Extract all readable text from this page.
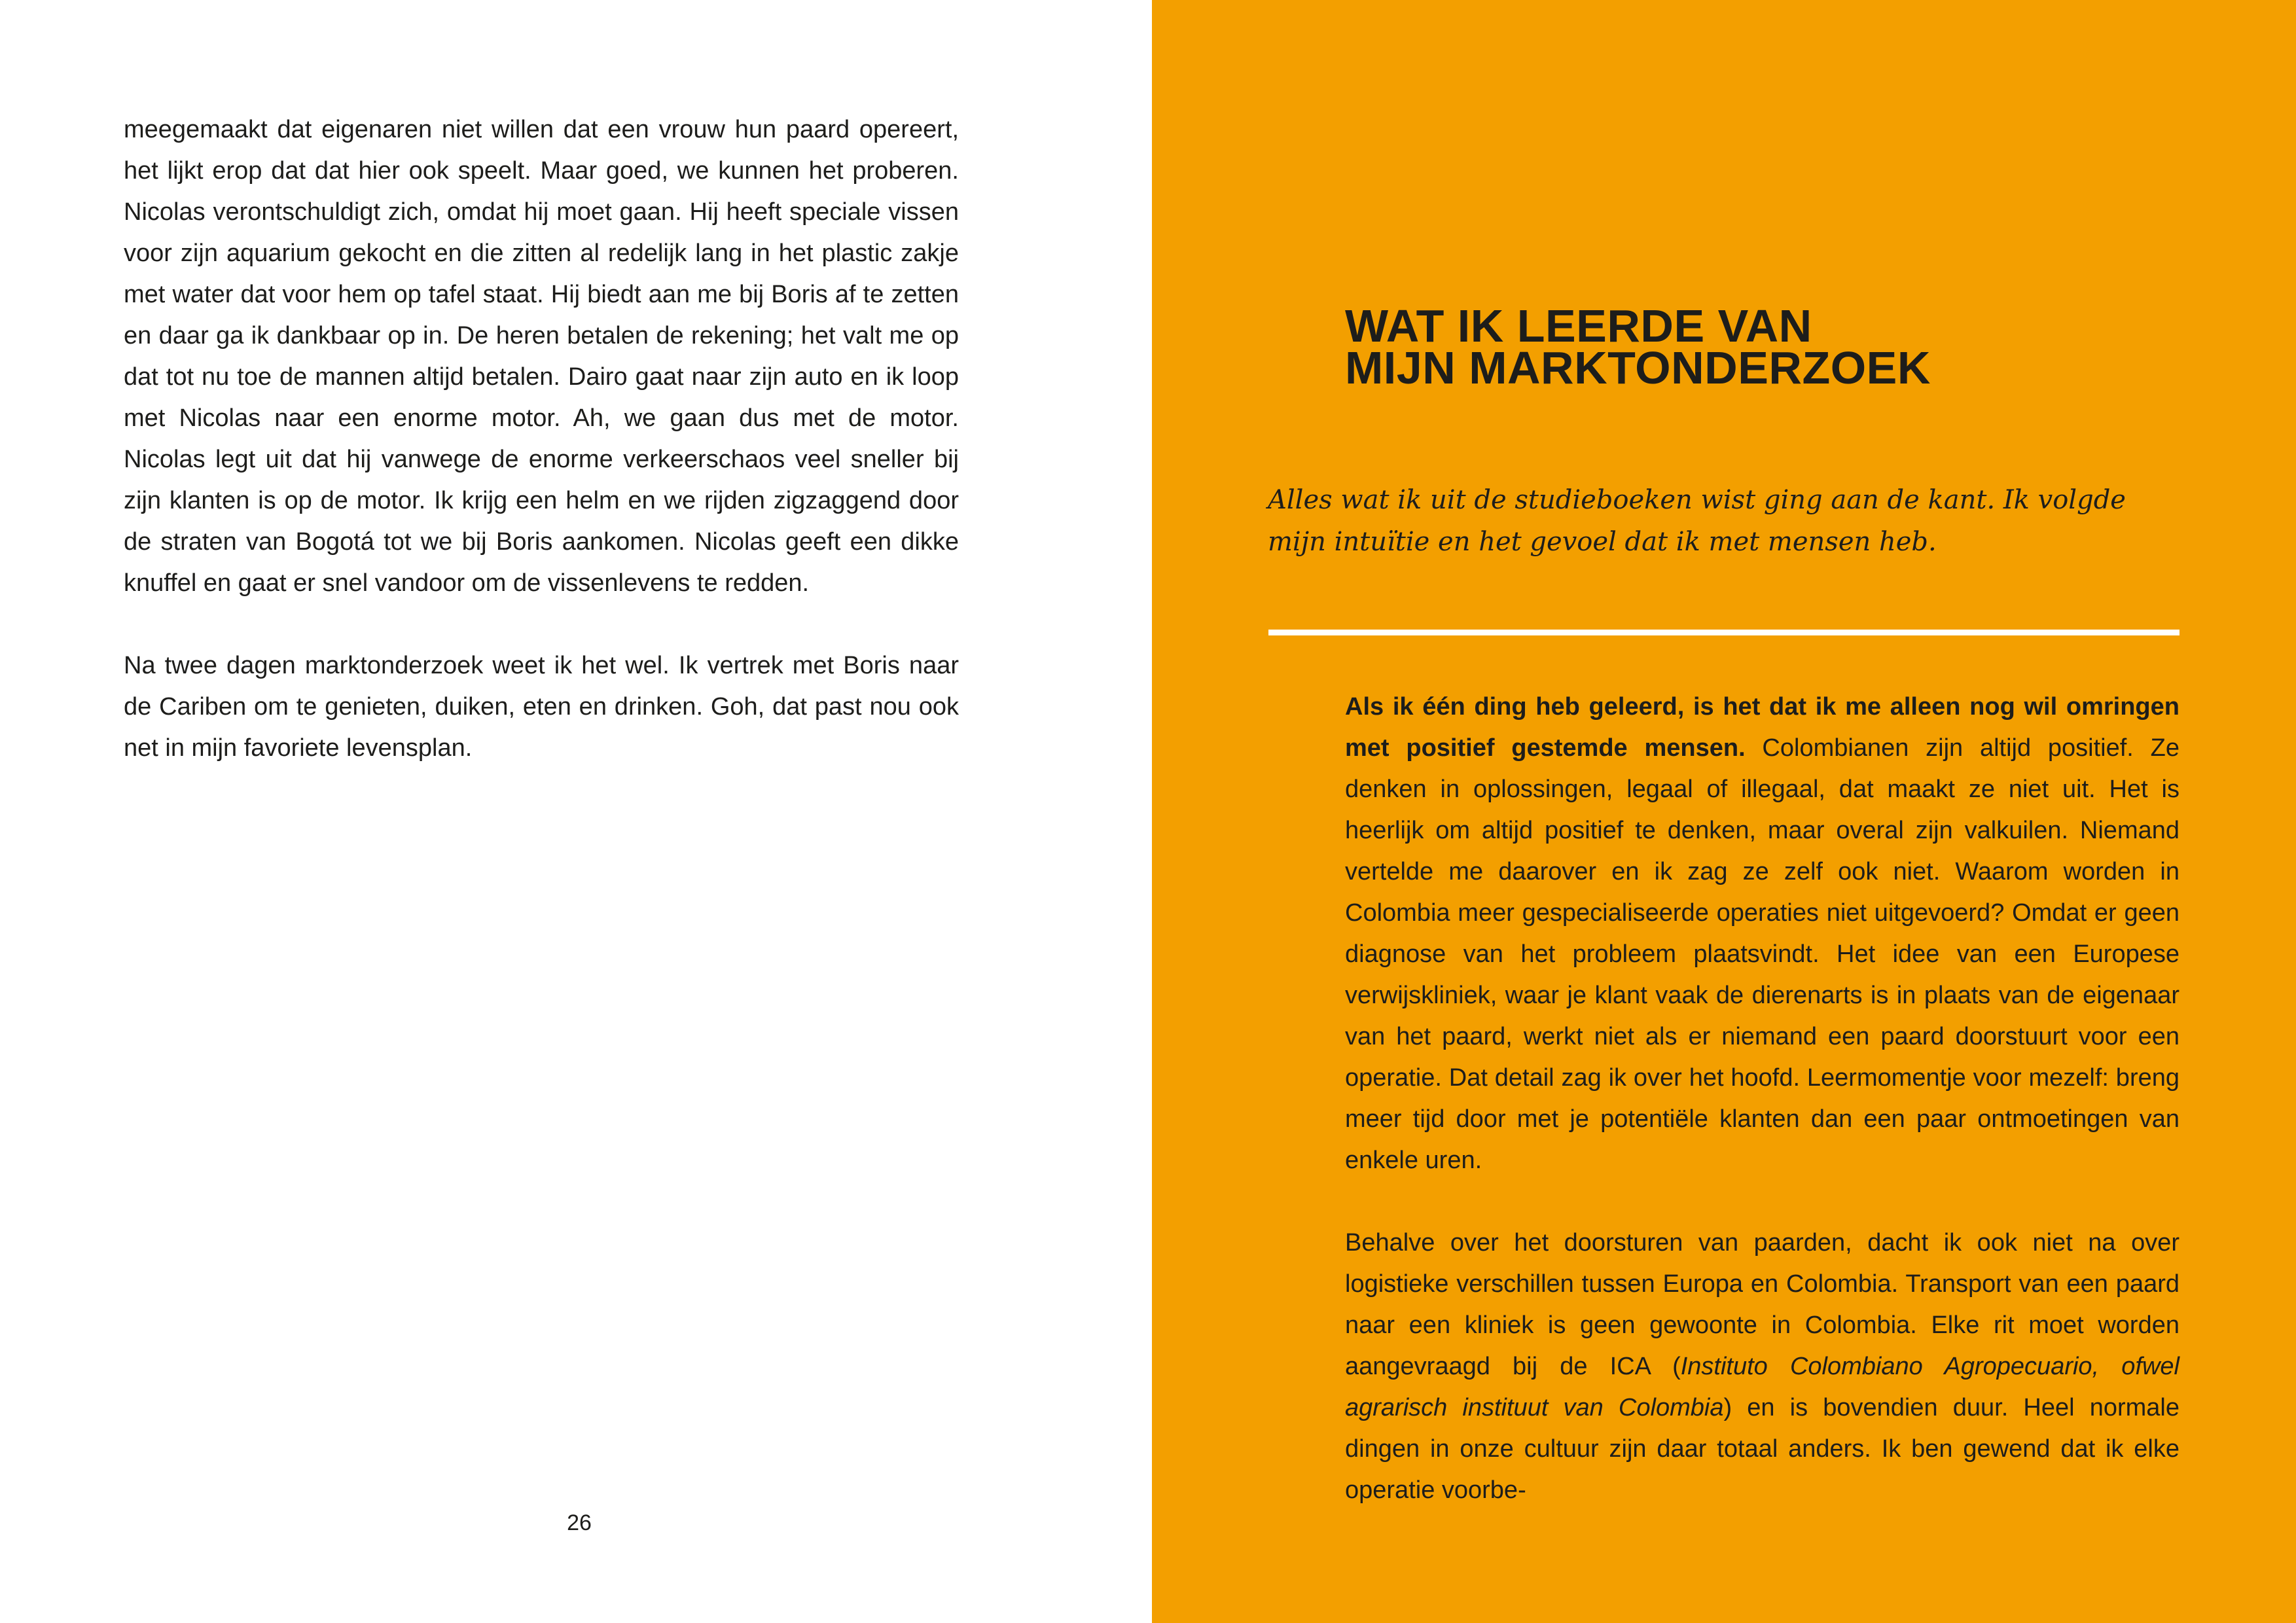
meegemaakt dat eigenaren niet willen dat een vrouw hun paard opereert, het lijkt erop dat dat hier ook speelt. Maar goed, we kunnen het proberen. Nicolas verontschuldigt zich, omdat hij moet gaan. Hij heeft speciale vissen voor zijn aquarium gekocht en die zitten al redelijk lang in het plastic zakje met water dat voor hem op tafel staat. Hij biedt aan me bij Boris af te zetten en daar ga ik dankbaar op in. De heren betalen de rekening; het valt me op dat tot nu toe de mannen altijd betalen. Dairo gaat naar zijn auto en ik loop met Nicolas naar een enorme motor. Ah, we gaan dus met de motor. Nicolas legt uit dat hij vanwege de enorme verkeerschaos veel sneller bij zijn klanten is op de motor. Ik krijg een helm en we rijden zigzaggend door de straten van Bogotá tot we bij Boris aankomen. Nicolas geeft een dikke knuffel en gaat er snel vandoor om de vissenlevens te redden.

Na twee dagen marktonderzoek weet ik het wel. Ik vertrek met Boris naar de Cariben om te genieten, duiken, eten en drinken. Goh, dat past nou ook net in mijn favoriete levensplan.

26
WAT IK LEERDE VAN
MIJN MARKTONDERZOEK

Alles wat ik uit de studieboeken wist ging aan de kant. Ik volgde
mijn intuïtie en het gevoel dat ik met mensen heb.

Als ik één ding heb geleerd, is het dat ik me alleen nog wil omringen met positief gestemde mensen. Colombianen zijn altijd positief. Ze denken in oplossingen, legaal of illegaal, dat maakt ze niet uit. Het is heerlijk om altijd positief te denken, maar overal zijn valkuilen. Niemand vertelde me daarover en ik zag ze zelf ook niet. Waarom worden in Colombia meer gespecialiseerde operaties niet uitgevoerd? Omdat er geen diagnose van het probleem plaatsvindt. Het idee van een Europese verwijskliniek, waar je klant vaak de dierenarts is in plaats van de eigenaar van het paard, werkt niet als er niemand een paard doorstuurt voor een operatie. Dat detail zag ik over het hoofd. Leermomentje voor mezelf: breng meer tijd door met je potentiële klanten dan een paar ontmoetingen van enkele uren.

Behalve over het doorsturen van paarden, dacht ik ook niet na over logistieke verschillen tussen Europa en Colombia. Transport van een paard naar een kliniek is geen gewoonte in Colombia. Elke rit moet worden aangevraagd bij de ICA (Instituto Colombiano Agropecuario, ofwel agrarisch instituut van Colombia) en is bovendien duur. Heel normale dingen in onze cultuur zijn daar totaal anders. Ik ben gewend dat ik elke operatie voorbe-
